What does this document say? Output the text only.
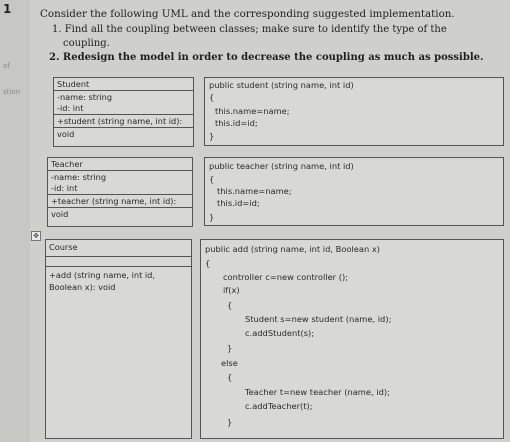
1
of
stion
Consider the following UML and the corresponding suggested implementation.
1. Find all the coupling between classes; make sure to identify the type of the
coupling.
2. Redesign the model in order to decrease the coupling as much as possible.
Student
-name: string
-id: int
+student (string name, int id):
void
public student (string name, int id)
{
this.name=name;
this.id=id;
}
Teacher
-name: string
-id: int
+teacher (string name, int id):
void
public teacher (string name, int id)
{
this.name=name;
this.id=id;
}
✥
Course
+add (string name, int id,
Boolean x): void
public add (string name, int id, Boolean x)
{
controller c=new controller ();
if(x)
{
Student s=new student (name, id);
c.addStudent(s);
}
else
{
Teacher t=new teacher (name, id);
c.addTeacher(t);
}
